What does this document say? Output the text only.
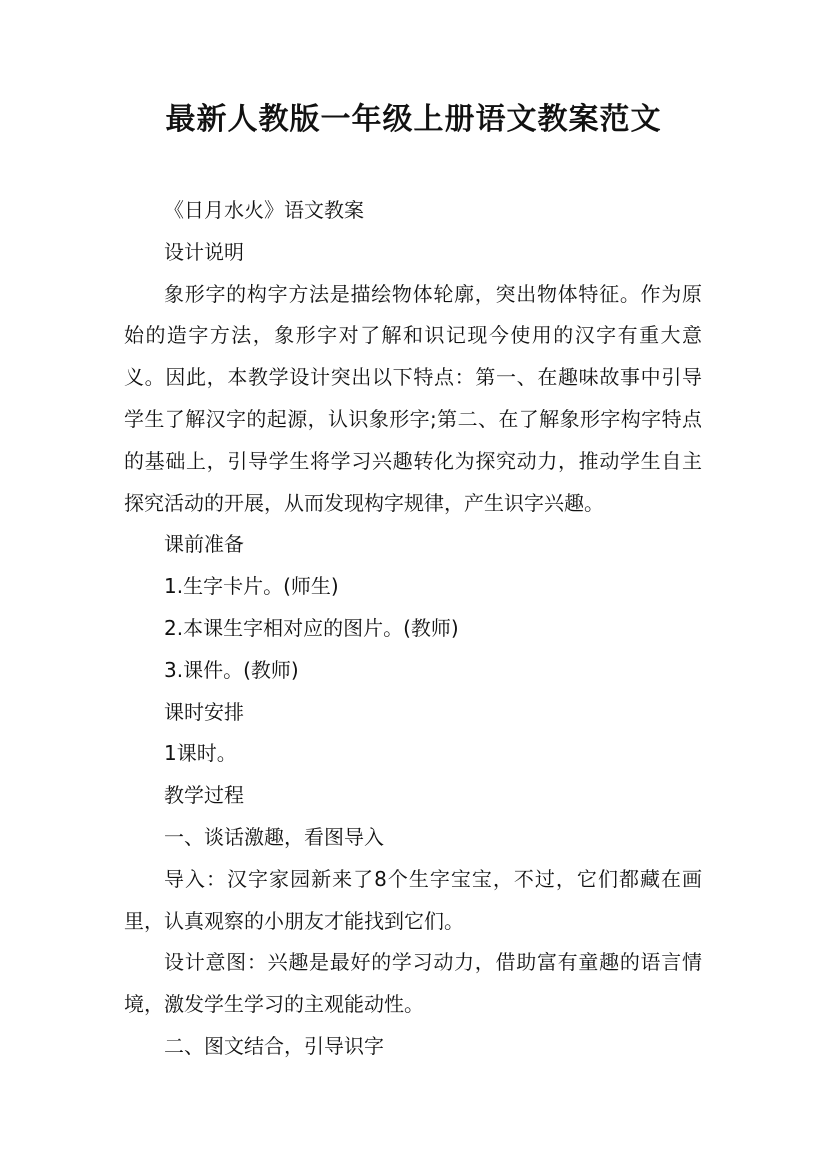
最新人教版一年级上册语文教案范文

《日月水火》语文教案

设计说明

象形字的构字方法是描绘物体轮廓，突出物体特征。作为原始的造字方法，象形字对了解和识记现今使用的汉字有重大意义。因此，本教学设计突出以下特点：第一、在趣味故事中引导学生了解汉字的起源，认识象形字;第二、在了解象形字构字特点的基础上，引导学生将学习兴趣转化为探究动力，推动学生自主探究活动的开展，从而发现构字规律，产生识字兴趣。

课前准备

1.生字卡片。(师生)

2.本课生字相对应的图片。(教师)

3.课件。(教师)

课时安排

1课时。

教学过程

一、谈话激趣，看图导入

导入：汉字家园新来了8个生字宝宝，不过，它们都藏在画里，认真观察的小朋友才能找到它们。

设计意图：兴趣是最好的学习动力，借助富有童趣的语言情境，激发学生学习的主观能动性。

二、图文结合，引导识字
